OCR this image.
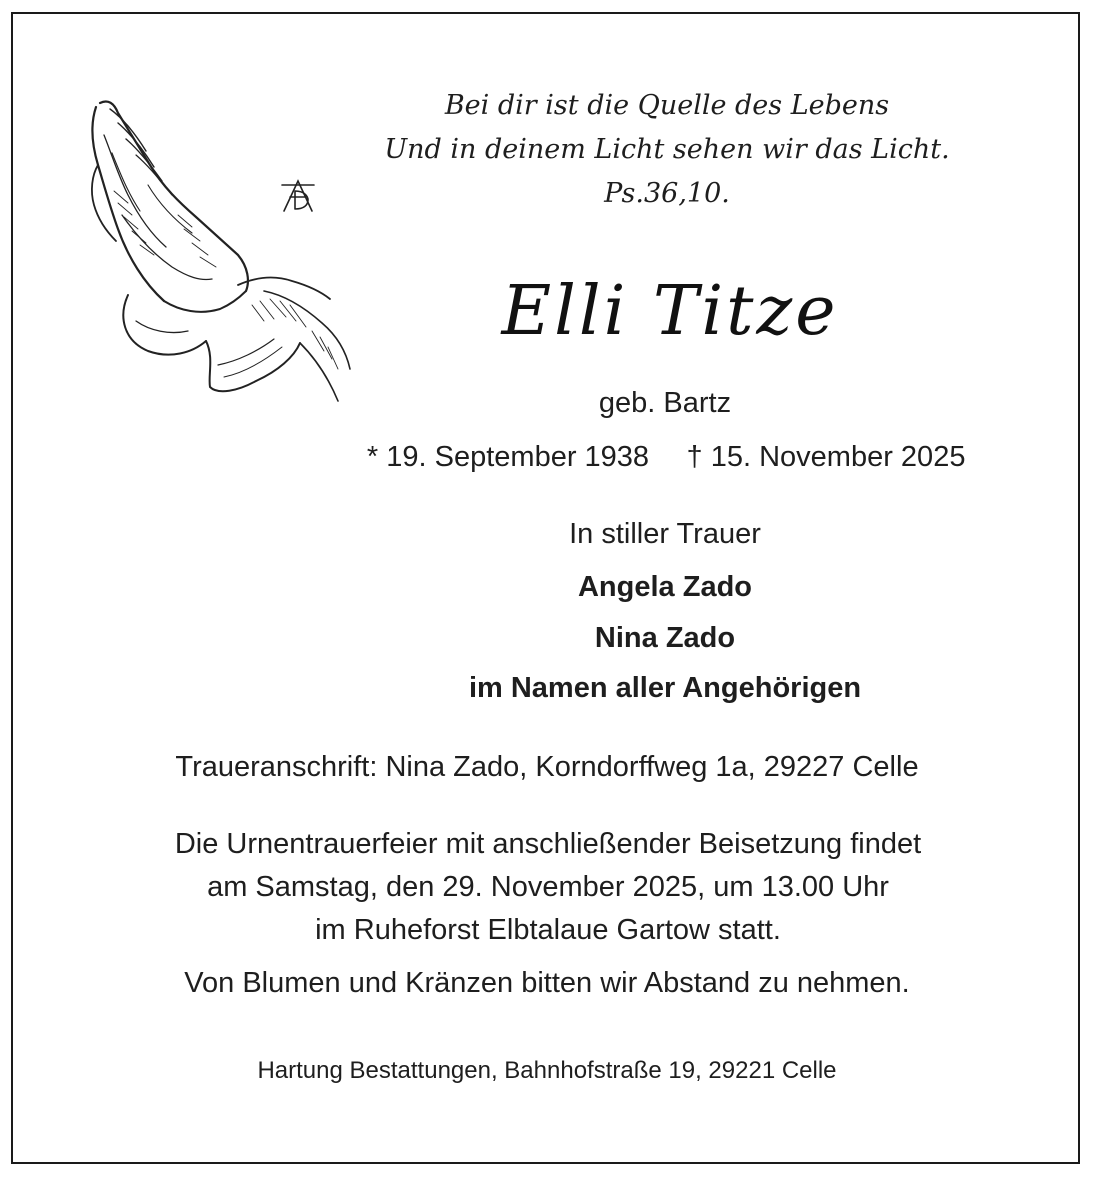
Bei dir ist die Quelle des Lebens
Und in deinem Licht sehen wir das Licht.
Ps.36,10.
Elli Titze
geb. Bartz
* 19. September 1938 † 15. November 2025
In stiller Trauer
Angela Zado
Nina Zado
im Namen aller Angehörigen
Traueranschrift: Nina Zado, Korndorffweg 1a, 29227 Celle
Die Urnentrauerfeier mit anschließender Beisetzung findet
am Samstag, den 29. November 2025, um 13.00 Uhr
im Ruheforst Elbtalaue Gartow statt.
Von Blumen und Kränzen bitten wir Abstand zu nehmen.
Hartung Bestattungen, Bahnhofstraße 19, 29221 Celle
